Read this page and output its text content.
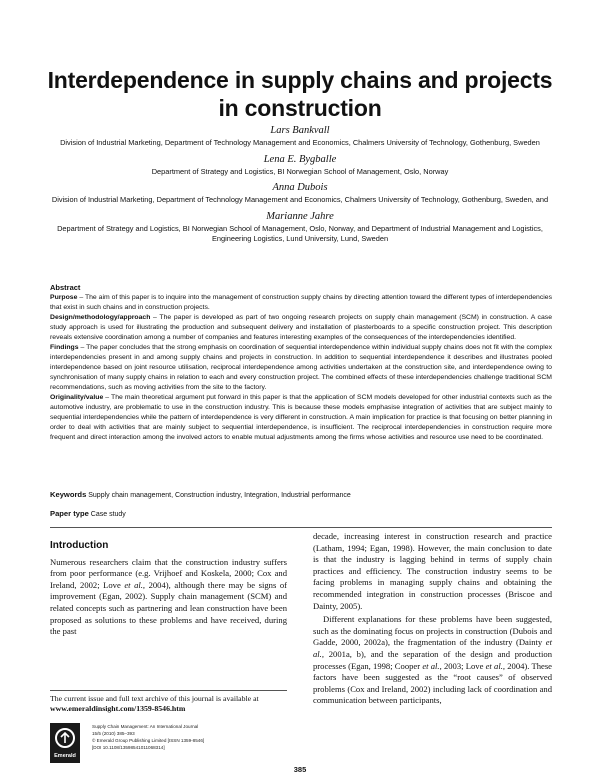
Interdependence in supply chains and projects in construction
Lars Bankvall
Division of Industrial Marketing, Department of Technology Management and Economics, Chalmers University of Technology, Gothenburg, Sweden
Lena E. Bygballe
Department of Strategy and Logistics, BI Norwegian School of Management, Oslo, Norway
Anna Dubois
Division of Industrial Marketing, Department of Technology Management and Economics, Chalmers University of Technology, Gothenburg, Sweden, and
Marianne Jahre
Department of Strategy and Logistics, BI Norwegian School of Management, Oslo, Norway, and Department of Industrial Management and Logistics, Engineering Logistics, Lund University, Lund, Sweden

Abstract

Purpose – The aim of this paper is to inquire into the management of construction supply chains by directing attention toward the different types of interdependencies that exist in such chains and in construction projects.

Design/methodology/approach – The paper is developed as part of two ongoing research projects on supply chain management (SCM) in construction. A case study approach is used for illustrating the production and subsequent delivery and installation of plasterboards to a specific construction project. This description reveals extensive coordination among a number of companies and features interesting examples of the consequences of the interdependencies identified.

Findings – The paper concludes that the strong emphasis on coordination of sequential interdependence within individual supply chains does not fit with the complex interdependencies present in and among supply chains and projects in construction. In addition to sequential interdependence it describes and illustrates pooled interdependence based on joint resource utilisation, reciprocal interdependence among activities undertaken at the construction site, and interdependence owing to synchronisation of many supply chains in relation to each and every construction project. The combined effects of these interdependencies challenge traditional SCM recommendations, such as moving activities from the site to the factory.

Originality/value – The main theoretical argument put forward in this paper is that the application of SCM models developed for other industrial contexts such as the automotive industry, are problematic to use in the construction industry. This is because these models emphasise integration of activities that are subject mainly to sequential interdependencies while the pattern of interdependence is very different in construction. A main implication for practice is that focusing on better planning in order to deal with activities that are mainly subject to sequential interdependence, is insufficient. The reciprocal interdependencies in construction require more frequent and direct interaction among the involved actors to enable mutual adjustments among the firms whose activities and resource use need to be coordinated.

Keywords Supply chain management, Construction industry, Integration, Industrial performance
Paper type Case study
Introduction

Numerous researchers claim that the construction industry suffers from poor performance (e.g. Vrijhoef and Koskela, 2000; Cox and Ireland, 2002; Love et al., 2004), although there may be signs of improvement (Egan, 2002). Supply chain management (SCM) and related concepts such as partnering and lean construction have been proposed as solutions to these problems and have received, during the past

decade, increasing interest in construction research and practice (Latham, 1994; Egan, 1998). However, the main conclusion to date is that the industry is lagging behind in terms of supply chain practices and efficiency. The construction industry seems to be facing problems in managing supply chains and obtaining the recommended integration in construction processes (Briscoe and Dainty, 2005).

Different explanations for these problems have been suggested, such as the dominating focus on projects in construction (Dubois and Gadde, 2000, 2002a), the fragmentation of the industry (Dainty et al., 2001a, b), and the separation of the design and production processes (Egan, 1998; Cooper et al., 2003; Love et al., 2004). These factors have been suggested as the “root causes” of observed problems (Cox and Ireland, 2002) including lack of coordination and communication between participants,

The current issue and full text archive of this journal is available at
www.emeraldinsight.com/1359-8546.htm
Emerald
Supply Chain Management: An International Journal
15/5 (2010) 385–393
© Emerald Group Publishing Limited [ISSN 1359-8546]
[DOI 10.1108/13598541011068314]
385
